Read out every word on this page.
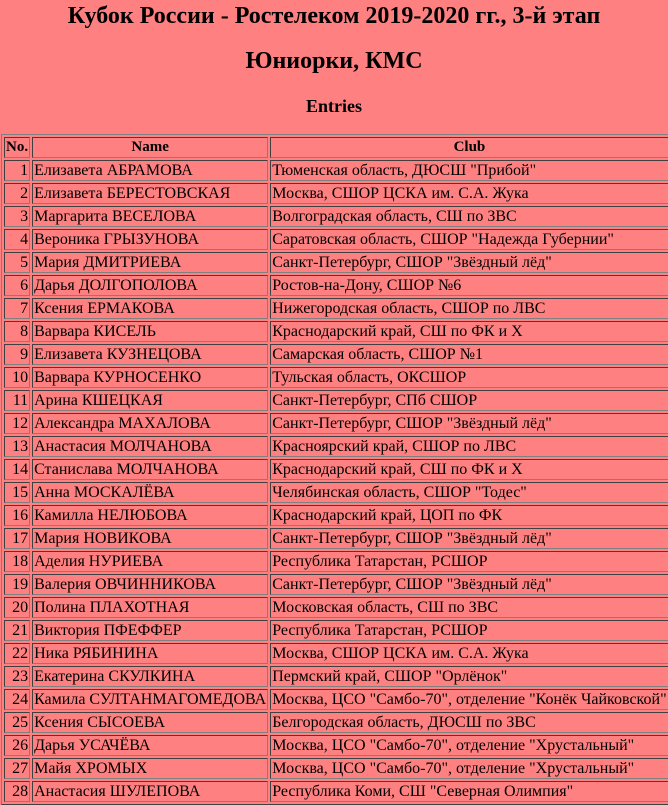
Кубок России - Ростелеком 2019-2020 гг., 3-й этап
Юниорки, КМС
Entries
No.	Name	Club
1	Елизавета АБРАМОВА	Тюменская область, ДЮСШ "Прибой"
2	Елизавета БЕРЕСТОВСКАЯ	Москва, СШОР ЦСКА им. С.А. Жука
3	Маргарита ВЕСЕЛОВА	Волгоградская область, СШ по ЗВС
4	Вероника ГРЫЗУНОВА	Саратовская область, СШОР "Надежда Губернии"
5	Мария ДМИТРИЕВА	Санкт-Петербург, СШОР "Звёздный лёд"
6	Дарья ДОЛГОПОЛОВА	Ростов-на-Дону, СШОР №6
7	Ксения ЕРМАКОВА	Нижегородская область, СШОР по ЛВС
8	Варвара КИСЕЛЬ	Краснодарский край, СШ по ФК и Х
9	Елизавета КУЗНЕЦОВА	Самарская область, СШОР №1
10	Варвара КУРНОСЕНКО	Тульская область, ОКСШОР
11	Арина КШЕЦКАЯ	Санкт-Петербург, СПб СШОР
12	Александра МАХАЛОВА	Санкт-Петербург, СШОР "Звёздный лёд"
13	Анастасия МОЛЧАНОВА	Красноярский край, СШОР по ЛВС
14	Станислава МОЛЧАНОВА	Краснодарский край, СШ по ФК и Х
15	Анна МОСКАЛЁВА	Челябинская область, СШОР "Тодес"
16	Камилла НЕЛЮБОВА	Краснодарский край, ЦОП по ФК
17	Мария НОВИКОВА	Санкт-Петербург, СШОР "Звёздный лёд"
18	Аделия НУРИЕВА	Республика Татарстан, РСШОР
19	Валерия ОВЧИННИКОВА	Санкт-Петербург, СШОР "Звёздный лёд"
20	Полина ПЛАХОТНАЯ	Московская область, СШ по ЗВС
21	Виктория ПФЕФФЕР	Республика Татарстан, РСШОР
22	Ника РЯБИНИНА	Москва, СШОР ЦСКА им. С.А. Жука
23	Екатерина СКУЛКИНА	Пермский край, СШОР "Орлёнок"
24	Камила СУЛТАНМАГОМЕДОВА	Москва, ЦСО "Самбо-70", отделение "Конёк Чайковской"
25	Ксения СЫСОЕВА	Белгородская область, ДЮСШ по ЗВС
26	Дарья УСАЧЁВА	Москва, ЦСО "Самбо-70", отделение "Хрустальный"
27	Майя ХРОМЫХ	Москва, ЦСО "Самбо-70", отделение "Хрустальный"
28	Анастасия ШУЛЕПОВА	Республика Коми, СШ "Северная Олимпия"
